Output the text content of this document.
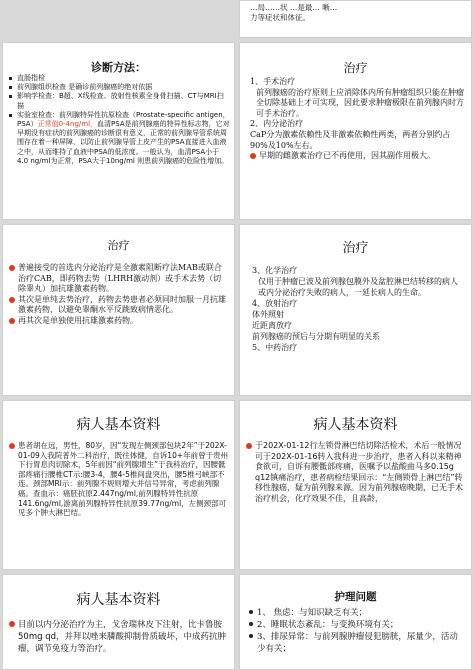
…局……状 …是最… 晰…

力等症状和体征。

诊断方法：
直肠指检
前列腺组织检查 是确诊前列腺癌的绝对依据
影响学检查：B超、X线检查、放射性核素全身骨扫描、CT与MRI扫描
实验室检查：前列腺特异性抗原检查（Prostate-specific antigen，PSA）正常值0-4ng/ml，血清PSA是前列腺癌的特异性标志物，它对早期没有症状的前列腺癌的诊断很有意义，正常的前列腺导管系统周围存在着一种屏障，以防止前列腺导管上皮产生的PSA直接进入血液之中，从而维持了血液中PSA的低浓度。一般认为，血清PSA小于4.0 ng/ml为正常，PSA大于10ng/ml 则患前列腺癌的危险性增加。
治疗

1、手术治疗

前列腺癌的治疗原则上应消除体内所有肿瘤组织只能在肿瘤全切除基础上才可实现，因此要求肿瘤极限在前列腺内时方可手术治疗。

2、内分泌治疗

CaP分为激素依赖性及非激素依赖性两类，两者分别约占90%及10%左右。

早期的雌激素治疗已不再使用，因其副作用极大。
治疗
普遍接受的首选内分泌治疗是全激素阻断疗法MAB或联合治疗CAB，即药物去势（LHRH激动剂）或手术去势（切除睾丸）加抗雄激素药物。
其次是单纯去势治疗，药物去势患者必须同时加服一月抗雄激素药物，以避免睾酮水平反跳致病情恶化。
再其次是单独使用抗雄激素药物。
治疗

3、化学治疗

仅用于肿瘤已波及前列腺包膜外及盆腔淋巴结转移的病人或内分泌治疗失败的病人，一延长病人的生命。

4、放射治疗

体外照射

近距离放疗

前列腺癌的预后与分期有明显的关系

5、中药治疗

病人基本资料
患者胡在远，男性，80岁，因“发现左侧颈部包块2年”于202X-01-09入我院普外二科治疗，既往体健，自诉10+年前曾于贵州下行胃息肉切除术，5年前因“前列腺增生”于我科治疗，因腰骶部疼痛行腰椎CT示:腰3-4，腰4-5椎间盘突出，腰5椎弓峡部不连。颈部MRI示：前列腺不规则增大并信号异常，考虑前列腺癌。查血示：癌胚抗原2.447ng/ml,前列腺特异性抗原141.6ng/ml,游离前列腺特异性抗原39.77ng/ml，左侧颈部可见多个肿大淋巴结。
病人基本资料
于202X-01-12行左锁骨淋巴结切除活检术，术后一般情况可于202X-01-16转入我科进一步治疗，患者入科以来精神食欲可，自诉有腰骶部疼痛，医嘱予以盐酸曲马多0.15g q12镇痛治疗，患者病检结果回示：“左侧锁骨上淋巴结”转移性腺癌，疑为前列腺来源。因为前列腺癌晚期，已无手术治疗机会，化疗效果不佳，且高龄，
病人基本资料
目前以内分泌治疗为主，戈舍瑞林皮下注射，比卡鲁胺50mg qd，并拜以唑来膦酸抑制骨质破坏，中成药抗肿瘤，调节免疫力等治疗。
护理问题
1、 焦虑：与知识缺乏有关；
2、睡眠状态紊乱：与变换环境有关；
3、排尿异常：与前列腺肿瘤侵犯膀胱，尿量少，活动少有关；
